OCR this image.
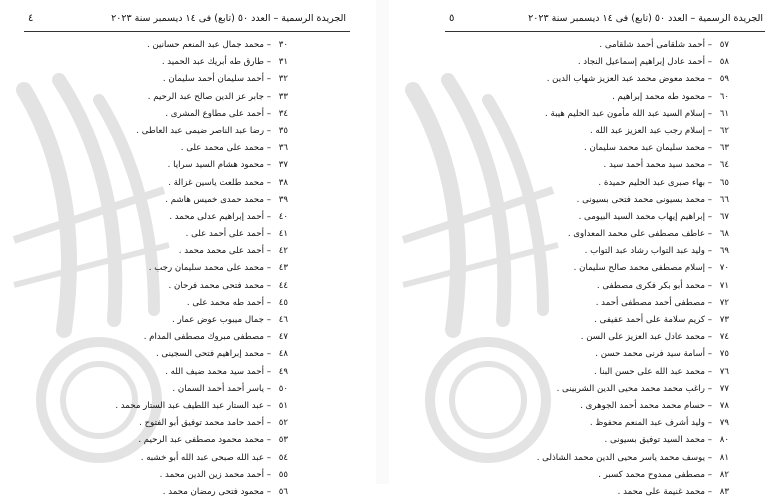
الجريدة الرسمية – العدد ٥٠ (تابع) فى ١٤ ديسمبر سنة ٢٠٢٣
٤
٣٠– محمد جمال عبد المنعم حسانين .
٣١– طارق طه أبريك عبد الحميد .
٣٢– أحمد سليمان أحمد سليمان .
٣٣– جابر عز الدين صالح عبد الرحيم .
٣٤– أحمد على مطاوع المشرى .
٣٥– رضا عبد الناصر ضيمى عبد العاطى .
٣٦– محمد على محمد على .
٣٧– محمود هشام السيد سرايا .
٣٨– محمد طلعت ياسين غزالة .
٣٩– محمد حمدى خميس هاشم .
٤٠– أحمد إبراهيم عدلى محمد .
٤١– أحمد على أحمد على .
٤٢– أحمد على محمد محمد .
٤٣– محمد على محمد سليمان رجب .
٤٤– محمد فتحى محمد فرحان .
٤٥– أحمد طه محمد على .
٤٦– جمال ميبوب عوض عمار .
٤٧– مصطفى مبروك مصطفى المدام .
٤٨– محمد إبراهيم فتحى السجينى .
٤٩– أحمد سيد محمد ضيف الله .
٥٠– ياسر أحمد أحمد السمان .
٥١– عبد الستار عبد اللطيف عبد الستار محمد .
٥٢– أحمد حامد محمد توفيق أبو الفتوح .
٥٣– محمد محمود مصطفى عبد الرحيم .
٥٤– عبد الله صبحى عبد الله أبو خشبه .
٥٥– أحمد محمد زين الدين محمد .
٥٦– محمود فتحى رمضان محمد .
الجريدة الرسمية – العدد ٥٠ (تابع) فى ١٤ ديسمبر سنة ٢٠٢٣
٥
٥٧– أحمد شلقامى أحمد شلقامى .
٥٨– أحمد عادل إبراهيم إسماعيل النجاد .
٥٩– محمد معوض محمد عبد العزيز شهاب الدين .
٦٠– محمود طه محمد إبراهيم .
٦١– إسلام السيد عبد الله مأمون عبد الحليم هيبة .
٦٢– إسلام رجب عبد العزيز عبد الله .
٦٣– محمد سليمان عبد محمد سليمان .
٦٤– محمد سيد محمد أحمد سيد .
٦٥– بهاء صبرى عبد الحليم حميدة .
٦٦– محمد بسيونى محمد فتحى بسيونى .
٦٧– إبراهيم إيهاب محمد السيد البيومى .
٦٨– عاطف مصطفى على محمد المعداوى .
٦٩– وليد عبد التواب رشاد عبد التواب .
٧٠– إسلام مصطفى محمد صالح سليمان .
٧١– محمد أبو بكر فكرى مصطفى .
٧٢– مصطفى أحمد مصطفى أحمد .
٧٣– كريم سلامة على أحمد عفيفى .
٧٤– محمد عادل عبد العزيز على السن .
٧٥– أسامة سيد فرنى محمد حسن .
٧٦– محمد عبد الله على حسن البنا .
٧٧– راغب محمد محمد محيى الدين الشربينى .
٧٨– حسام محمد محمد أحمد الجوهرى .
٧٩– وليد أشرف عبد المنعم محفوظ .
٨٠– محمد السيد توفيق بسيونى .
٨١– يوسف محمد ياسر محيى الدين محمد الشاذلى .
٨٢– مصطفى ممدوح محمد كسبر .
٨٣– محمد غنيمة على محمد .
